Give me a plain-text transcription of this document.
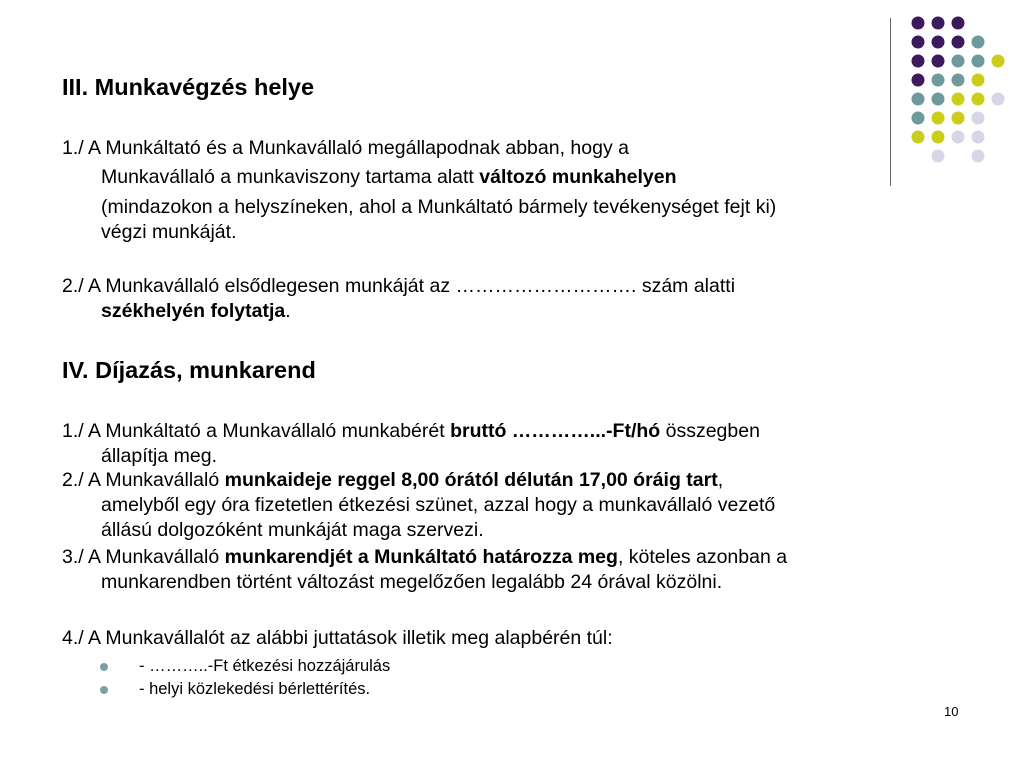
III. Munkavégzés helye
1./ A Munkáltató és a Munkavállaló megállapodnak abban, hogy a
Munkavállaló a munkaviszony tartama alatt változó munkahelyen
(mindazokon a helyszíneken, ahol a Munkáltató bármely tevékenységet fejt ki)
végzi munkáját.
2./ A Munkavállaló elsődlegesen munkáját az ………………………. szám alatti
székhelyén folytatja.
IV. Díjazás, munkarend
1./ A Munkáltató a Munkavállaló munkabérét bruttó …………...-Ft/hó összegben
állapítja meg.
2./ A Munkavállaló munkaideje reggel 8,00 órától délután 17,00 óráig tart,
amelyből egy óra fizetetlen étkezési szünet, azzal hogy a munkavállaló vezető
állású dolgozóként munkáját maga szervezi.
3./ A Munkavállaló munkarendjét a Munkáltató határozza meg, köteles azonban a
munkarendben történt változást megelőzően legalább 24 órával közölni.
4./ A Munkavállalót az alábbi juttatások illetik meg alapbérén túl:
- ………..-Ft étkezési hozzájárulás
- helyi közlekedési bérlettérítés.
10
